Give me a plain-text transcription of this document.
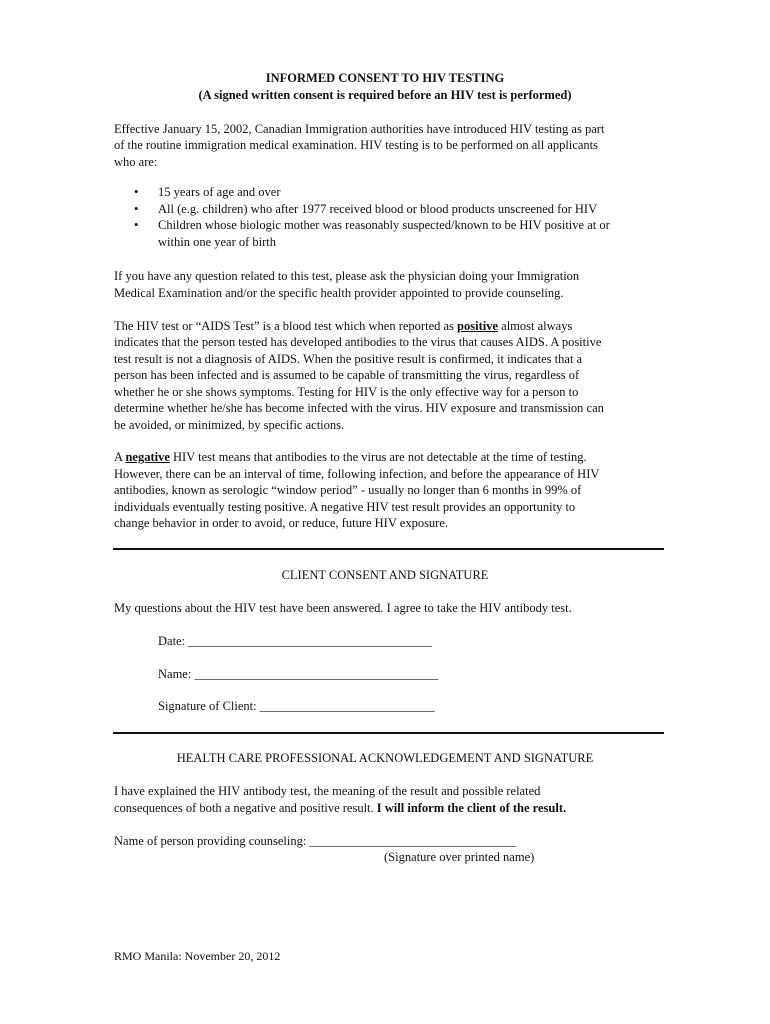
INFORMED CONSENT TO HIV TESTING
(A signed written consent is required before an HIV test is performed)
Effective January 15, 2002, Canadian Immigration authorities have introduced HIV testing as part
of the routine immigration medical examination. HIV testing is to be performed on all applicants
who are:
• 15 years of age and over
• All (e.g. children) who after 1977 received blood or blood products unscreened for HIV
• Children whose biologic mother was reasonably suspected/known to be HIV positive at or
within one year of birth
If you have any question related to this test, please ask the physician doing your Immigration
Medical Examination and/or the specific health provider appointed to provide counseling.
The HIV test or “AIDS Test” is a blood test which when reported as positive almost always
indicates that the person tested has developed antibodies to the virus that causes AIDS. A positive
test result is not a diagnosis of AIDS. When the positive result is confirmed, it indicates that a
person has been infected and is assumed to be capable of transmitting the virus, regardless of
whether he or she shows symptoms. Testing for HIV is the only effective way for a person to
determine whether he/she has become infected with the virus. HIV exposure and transmission can
be avoided, or minimized, by specific actions.
A negative HIV test means that antibodies to the virus are not detectable at the time of testing.
However, there can be an interval of time, following infection, and before the appearance of HIV
antibodies, known as serologic “window period” - usually no longer than 6 months in 99% of
individuals eventually testing positive. A negative HIV test result provides an opportunity to
change behavior in order to avoid, or reduce, future HIV exposure.
CLIENT CONSENT AND SIGNATURE
My questions about the HIV test have been answered. I agree to take the HIV antibody test.
Date: _______________________________________
Name: _______________________________________
Signature of Client: ____________________________
HEALTH CARE PROFESSIONAL ACKNOWLEDGEMENT AND SIGNATURE
I have explained the HIV antibody test, the meaning of the result and possible related
consequences of both a negative and positive result. I will inform the client of the result.
Name of person providing counseling: _________________________________
(Signature over printed name)
RMO Manila: November 20, 2012
